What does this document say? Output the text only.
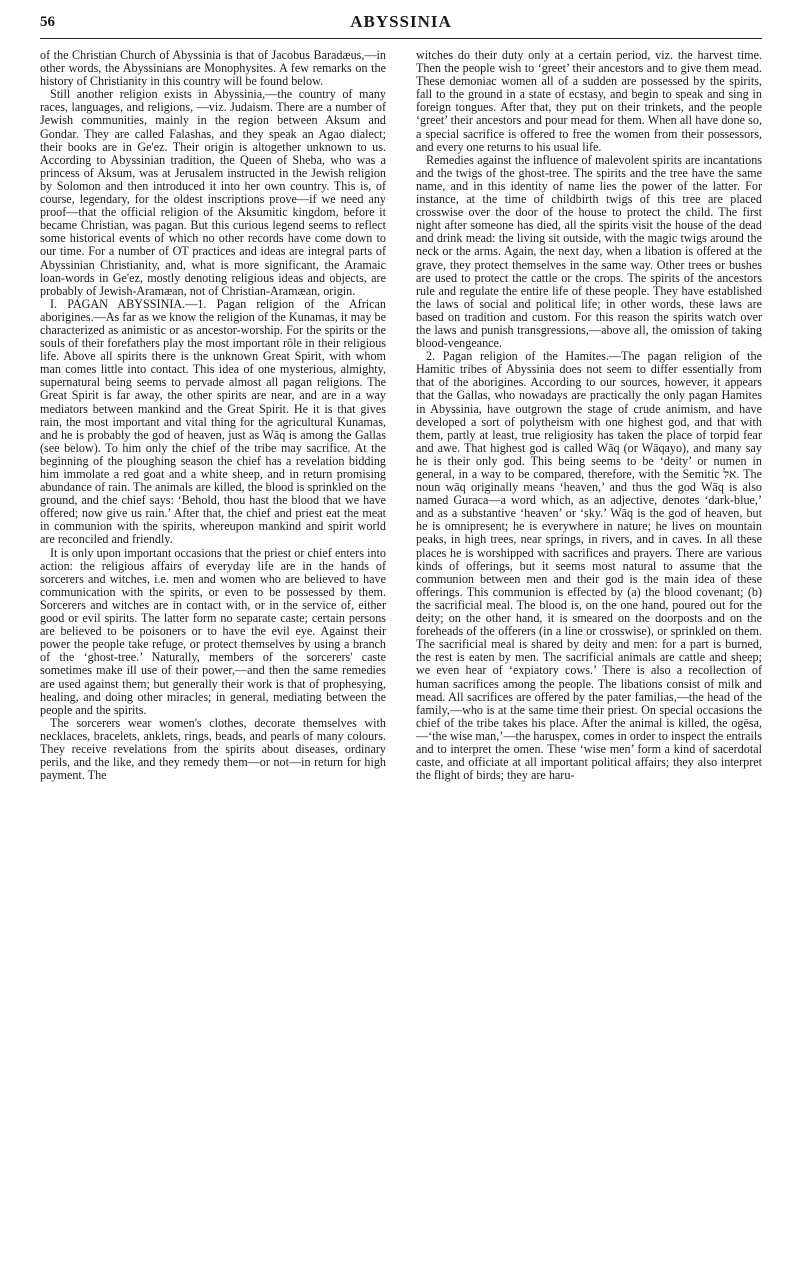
56	ABYSSINIA

of the Christian Church of Abyssinia is that of Jacobus Baradæus,—in other words, the Abyssinians are Monophysites. A few remarks on the history of Christianity in this country will be found below.

Still another religion exists in Abyssinia,—the country of many races, languages, and religions, —viz. Judaism. There are a number of Jewish communities, mainly in the region between Aksum and Gondar. They are called Falashas, and they speak an Agao dialect; their books are in Ge'ez. Their origin is altogether unknown to us. According to Abyssinian tradition, the Queen of Sheba, who was a princess of Aksum, was at Jerusalem instructed in the Jewish religion by Solomon and then introduced it into her own country. This is, of course, legendary, for the oldest inscriptions prove—if we need any proof—that the official religion of the Aksumitic kingdom, before it became Christian, was pagan. But this curious legend seems to reflect some historical events of which no other records have come down to our time. For a number of OT practices and ideas are integral parts of Abyssinian Christianity, and, what is more significant, the Aramaic loan-words in Ge'ez, mostly denoting religious ideas and objects, are probably of Jewish-Aramæan, not of Christian-Aramæan, origin.

I. PAGAN ABYSSINIA.—1. Pagan religion of the African aborigines.—As far as we know the religion of the Kunamas, it may be characterized as animistic or as ancestor-worship. For the spirits or the souls of their forefathers play the most important rôle in their religious life. Above all spirits there is the unknown Great Spirit, with whom man comes little into contact. This idea of one mysterious, almighty, supernatural being seems to pervade almost all pagan religions. The Great Spirit is far away, the other spirits are near, and are in a way mediators between mankind and the Great Spirit. He it is that gives rain, the most important and vital thing for the agricultural Kunamas, and he is probably the god of heaven, just as Wāq is among the Gallas (see below). To him only the chief of the tribe may sacrifice. At the beginning of the ploughing season the chief has a revelation bidding him immolate a red goat and a white sheep, and in return promising abundance of rain. The animals are killed, the blood is sprinkled on the ground, and the chief says: ‘Behold, thou hast the blood that we have offered; now give us rain.’ After that, the chief and priest eat the meat in communion with the spirits, whereupon mankind and spirit world are reconciled and friendly.

It is only upon important occasions that the priest or chief enters into action: the religious affairs of everyday life are in the hands of sorcerers and witches, i.e. men and women who are believed to have communication with the spirits, or even to be possessed by them. Sorcerers and witches are in contact with, or in the service of, either good or evil spirits. The latter form no separate caste; certain persons are believed to be poisoners or to have the evil eye. Against their power the people take refuge, or protect themselves by using a branch of the ‘ghost-tree.’ Naturally, members of the sorcerers' caste sometimes make ill use of their power,—and then the same remedies are used against them; but generally their work is that of prophesying, healing, and doing other miracles; in general, mediating between the people and the spirits.

The sorcerers wear women's clothes, decorate themselves with necklaces, bracelets, anklets, rings, beads, and pearls of many colours. They receive revelations from the spirits about diseases, ordinary perils, and the like, and they remedy them—or not—in return for high payment. The

witches do their duty only at a certain period, viz. the harvest time. Then the people wish to ‘greet’ their ancestors and to give them mead. These demoniac women all of a sudden are possessed by the spirits, fall to the ground in a state of ecstasy, and begin to speak and sing in foreign tongues. After that, they put on their trinkets, and the people ‘greet’ their ancestors and pour mead for them. When all have done so, a special sacrifice is offered to free the women from their possessors, and every one returns to his usual life.

Remedies against the influence of malevolent spirits are incantations and the twigs of the ghost-tree. The spirits and the tree have the same name, and in this identity of name lies the power of the latter. For instance, at the time of childbirth twigs of this tree are placed crosswise over the door of the house to protect the child. The first night after someone has died, all the spirits visit the house of the dead and drink mead: the living sit outside, with the magic twigs around the neck or the arms. Again, the next day, when a libation is offered at the grave, they protect themselves in the same way. Other trees or bushes are used to protect the cattle or the crops. The spirits of the ancestors rule and regulate the entire life of these people. They have established the laws of social and political life; in other words, these laws are based on tradition and custom. For this reason the spirits watch over the laws and punish transgressions,—above all, the omission of taking blood-vengeance.

2. Pagan religion of the Hamites.—The pagan religion of the Hamitic tribes of Abyssinia does not seem to differ essentially from that of the aborigines. According to our sources, however, it appears that the Gallas, who nowadays are practically the only pagan Hamites in Abyssinia, have outgrown the stage of crude animism, and have developed a sort of polytheism with one highest god, and that with them, partly at least, true religiosity has taken the place of torpid fear and awe. That highest god is called Wāq (or Wāqayo), and many say he is their only god. This being seems to be ‘deity’ or numen in general, in a way to be compared, therefore, with the Semitic אל. The noun wāq originally means ‘heaven,’ and thus the god Wāq is also named Guraca—a word which, as an adjective, denotes ‘dark-blue,’ and as a substantive ‘heaven’ or ‘sky.’ Wāq is the god of heaven, but he is omnipresent; he is everywhere in nature; he lives on mountain peaks, in high trees, near springs, in rivers, and in caves. In all these places he is worshipped with sacrifices and prayers. There are various kinds of offerings, but it seems most natural to assume that the communion between men and their god is the main idea of these offerings. This communion is effected by (a) the blood covenant; (b) the sacrificial meal. The blood is, on the one hand, poured out for the deity; on the other hand, it is smeared on the doorposts and on the foreheads of the offerers (in a line or crosswise), or sprinkled on them. The sacrificial meal is shared by deity and men: for a part is burned, the rest is eaten by men. The sacrificial animals are cattle and sheep; we even hear of ‘expiatory cows.’ There is also a recollection of human sacrifices among the people. The libations consist of milk and mead. All sacrifices are offered by the pater familias,—the head of the family,—who is at the same time their priest. On special occasions the chief of the tribe takes his place. After the animal is killed, the ogēsa,—‘the wise man,’—the haruspex, comes in order to inspect the entrails and to interpret the omen. These ‘wise men’ form a kind of sacerdotal caste, and officiate at all important political affairs; they also interpret the flight of birds; they are haru-
